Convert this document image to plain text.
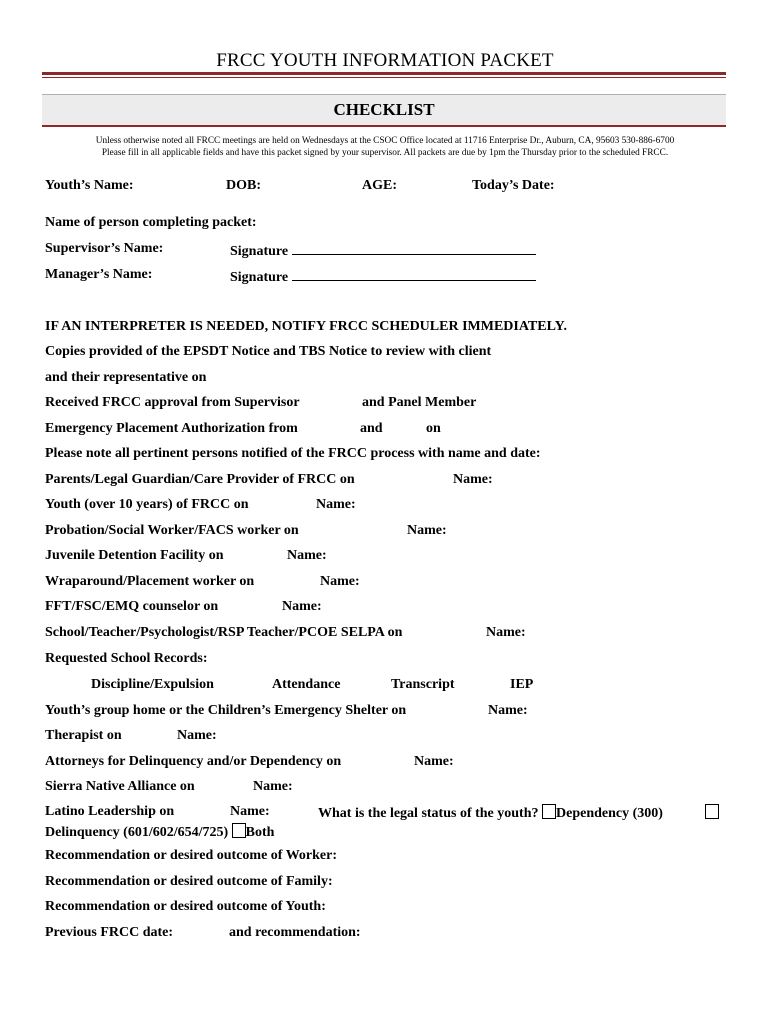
FRCC YOUTH INFORMATION PACKET
CHECKLIST
Unless otherwise noted all FRCC meetings are held on Wednesdays at the CSOC Office located at 11716 Enterprise Dr., Auburn, CA, 95603 530-886-6700
Please fill in all applicable fields and have this packet signed by your supervisor. All packets are due by 1pm the Thursday prior to the scheduled FRCC.
Youth’s Name:	DOB:	AGE:	Today’s Date:
Name of person completing packet:
Supervisor’s Name:	Signature
Manager’s Name:	Signature
IF AN INTERPRETER IS NEEDED, NOTIFY FRCC SCHEDULER IMMEDIATELY.
Copies provided of the EPSDT Notice and TBS Notice to review with client
and their representative on
Received FRCC approval from Supervisor	and Panel Member
Emergency Placement Authorization from	and	on
Please note all pertinent persons notified of the FRCC process with name and date:
Parents/Legal Guardian/Care Provider of FRCC on	Name:
Youth (over 10 years) of FRCC on	Name:
Probation/Social Worker/FACS worker on	Name:
Juvenile Detention Facility on	Name:
Wraparound/Placement worker on	Name:
FFT/FSC/EMQ counselor on	Name:
School/Teacher/Psychologist/RSP Teacher/PCOE SELPA on	Name:
Requested School Records:
Discipline/Expulsion	Attendance	Transcript	IEP
Youth’s group home or the Children’s Emergency Shelter on	Name:
Therapist on	Name:
Attorneys for Delinquency and/or Dependency on	Name:
Sierra Native Alliance on	Name:
Latino Leadership on	Name:	What is the legal status of the youth? Dependency (300)
Delinquency (601/602/654/725) Both
Recommendation or desired outcome of Worker:
Recommendation or desired outcome of Family:
Recommendation or desired outcome of Youth:
Previous FRCC date:	and recommendation:
